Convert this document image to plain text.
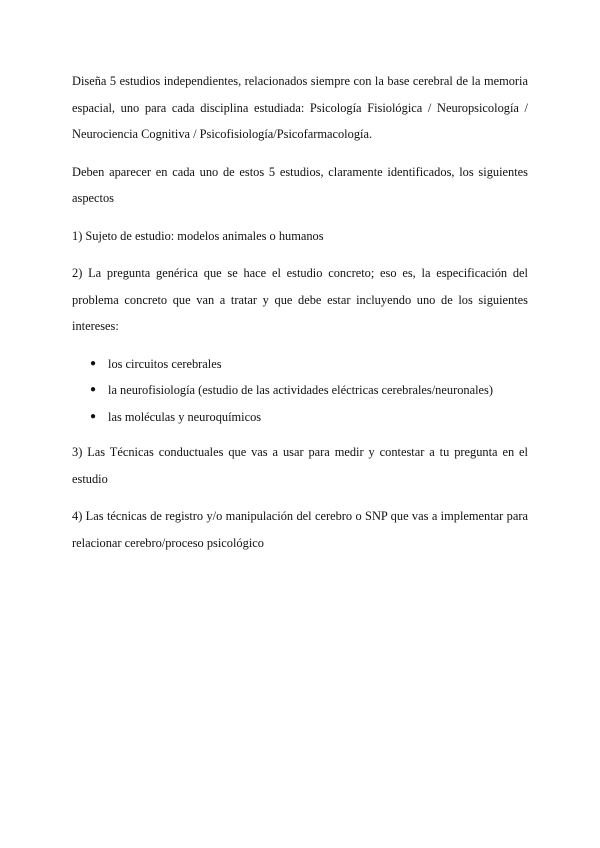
Diseña 5 estudios independientes, relacionados siempre con la base cerebral de la memoria espacial, uno para cada disciplina estudiada: Psicología Fisiológica / Neuropsicología / Neurociencia Cognitiva / Psicofisiología/Psicofarmacología.

Deben aparecer en cada uno de estos 5 estudios, claramente identificados, los siguientes aspectos

1) Sujeto de estudio: modelos animales o humanos

2) La pregunta genérica que se hace el estudio concreto; eso es, la especificación del problema concreto que van a tratar y que debe estar incluyendo uno de los siguientes intereses:

● los circuitos cerebrales
● la neurofisiología (estudio de las actividades eléctricas cerebrales/neuronales)
● las moléculas y neuroquímicos

3) Las Técnicas conductuales que vas a usar para medir y contestar a tu pregunta en el estudio

4) Las técnicas de registro y/o manipulación del cerebro o SNP que vas a implementar para relacionar cerebro/proceso psicológico
